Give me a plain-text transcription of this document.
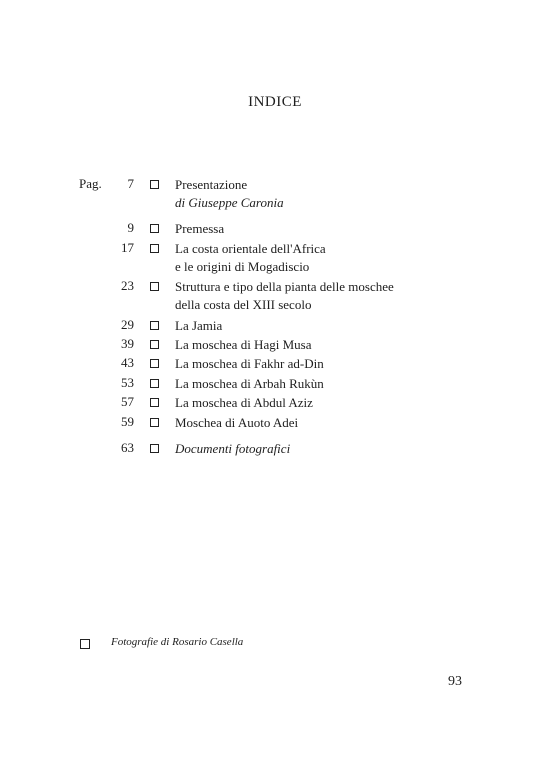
INDICE
Pag.	7	Presentazione
di Giuseppe Caronia
9	Premessa
17	La costa orientale dell'Africa
e le origini di Mogadiscio
23	Struttura e tipo della pianta delle moschee
della costa del XIII secolo
29	La Jamia
39	La moschea di Hagi Musa
43	La moschea di Fakhr ad-Din
53	La moschea di Arbah Rukùn
57	La moschea di Abdul Aziz
59	Moschea di Auoto Adei
63	Documenti fotografici
Fotografie di Rosario Casella
93
